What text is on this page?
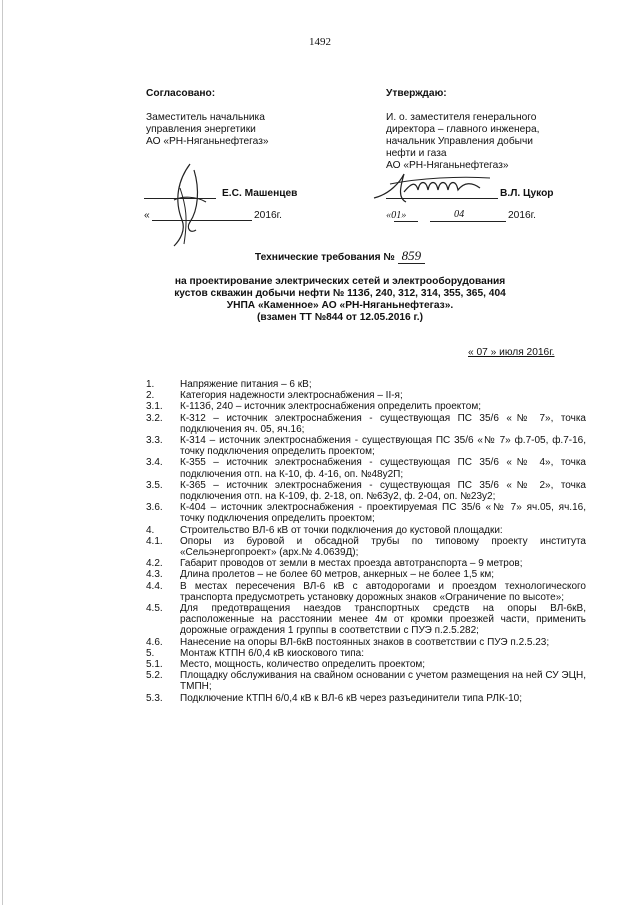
1492
Согласовано:
Заместитель начальника
управления энергетики
АО «РН-Няганьнефтегаз»
Е.С. Машенцев
«	2016г.
Утверждаю:
И. о. заместителя генерального
директора – главного инженера,
начальник Управления добычи
нефти и газа
АО «РН-Няганьнефтегаз»
В.Л. Цукор
«01»	04	2016г.
Технические требования № 859
на проектирование электрических сетей и электрооборудования
кустов скважин добычи нефти № 113б, 240, 312, 314, 355, 365, 404
УНПА «Каменное» АО «РН-Няганьнефтегаз».
(взамен ТТ №844 от 12.05.2016 г.)
« 07 » июля 2016г.
1.	Напряжение питания – 6 кВ;
2.	Категория надежности электроснабжения – II-я;
3.1. К-113б, 240 – источник электроснабжения определить проектом;
3.2. К-312 – источник электроснабжения - существующая ПС 35/6 «№ 7», точка подключения яч. 05, яч.16;
3.3. К-314 – источник электроснабжения - существующая ПС 35/6 «№ 7» ф.7-05, ф.7-16, точку подключения определить проектом;
3.4. К-355 – источник электроснабжения - существующая ПС 35/6 «№ 4», точка подключения отп. на К-10, ф. 4-16, оп. №48у2П;
3.5. К-365 – источник электроснабжения - существующая ПС 35/6 «№ 2», точка подключения отп. на К-109, ф. 2-18, оп. №63у2, ф. 2-04, оп. №23у2;
3.6. К-404 – источник электроснабжения - проектируемая ПС 35/6 «№ 7» яч.05, яч.16, точку подключения определить проектом;
4.	Строительство ВЛ-6 кВ от точки подключения до кустовой площадки:
4.1. Опоры из буровой и обсадной трубы по типовому проекту института «Сельэнергопроект» (арх.№ 4.0639Д);
4.2. Габарит проводов от земли в местах проезда автотранспорта – 9 метров;
4.3. Длина пролетов – не более 60 метров, анкерных – не более 1,5 км;
4.4. В местах пересечения ВЛ-6 кВ с автодорогами и проездом технологического транспорта предусмотреть установку дорожных знаков «Ограничение по высоте»;
4.5. Для предотвращения наездов транспортных средств на опоры ВЛ-6кВ, расположенные на расстоянии менее 4м от кромки проезжей части, применить дорожные ограждения 1 группы в соответствии с ПУЭ п.2.5.282;
4.6. Нанесение на опоры ВЛ-6кВ постоянных знаков в соответствии с ПУЭ п.2.5.23;
5.	Монтаж КТПН 6/0,4 кВ киоскового типа:
5.1. Место, мощность, количество определить проектом;
5.2. Площадку обслуживания на свайном основании с учетом размещения на ней СУ ЭЦН, ТМПН;
5.3. Подключение КТПН 6/0,4 кВ к ВЛ-6 кВ через разъединители типа РЛК-10;
